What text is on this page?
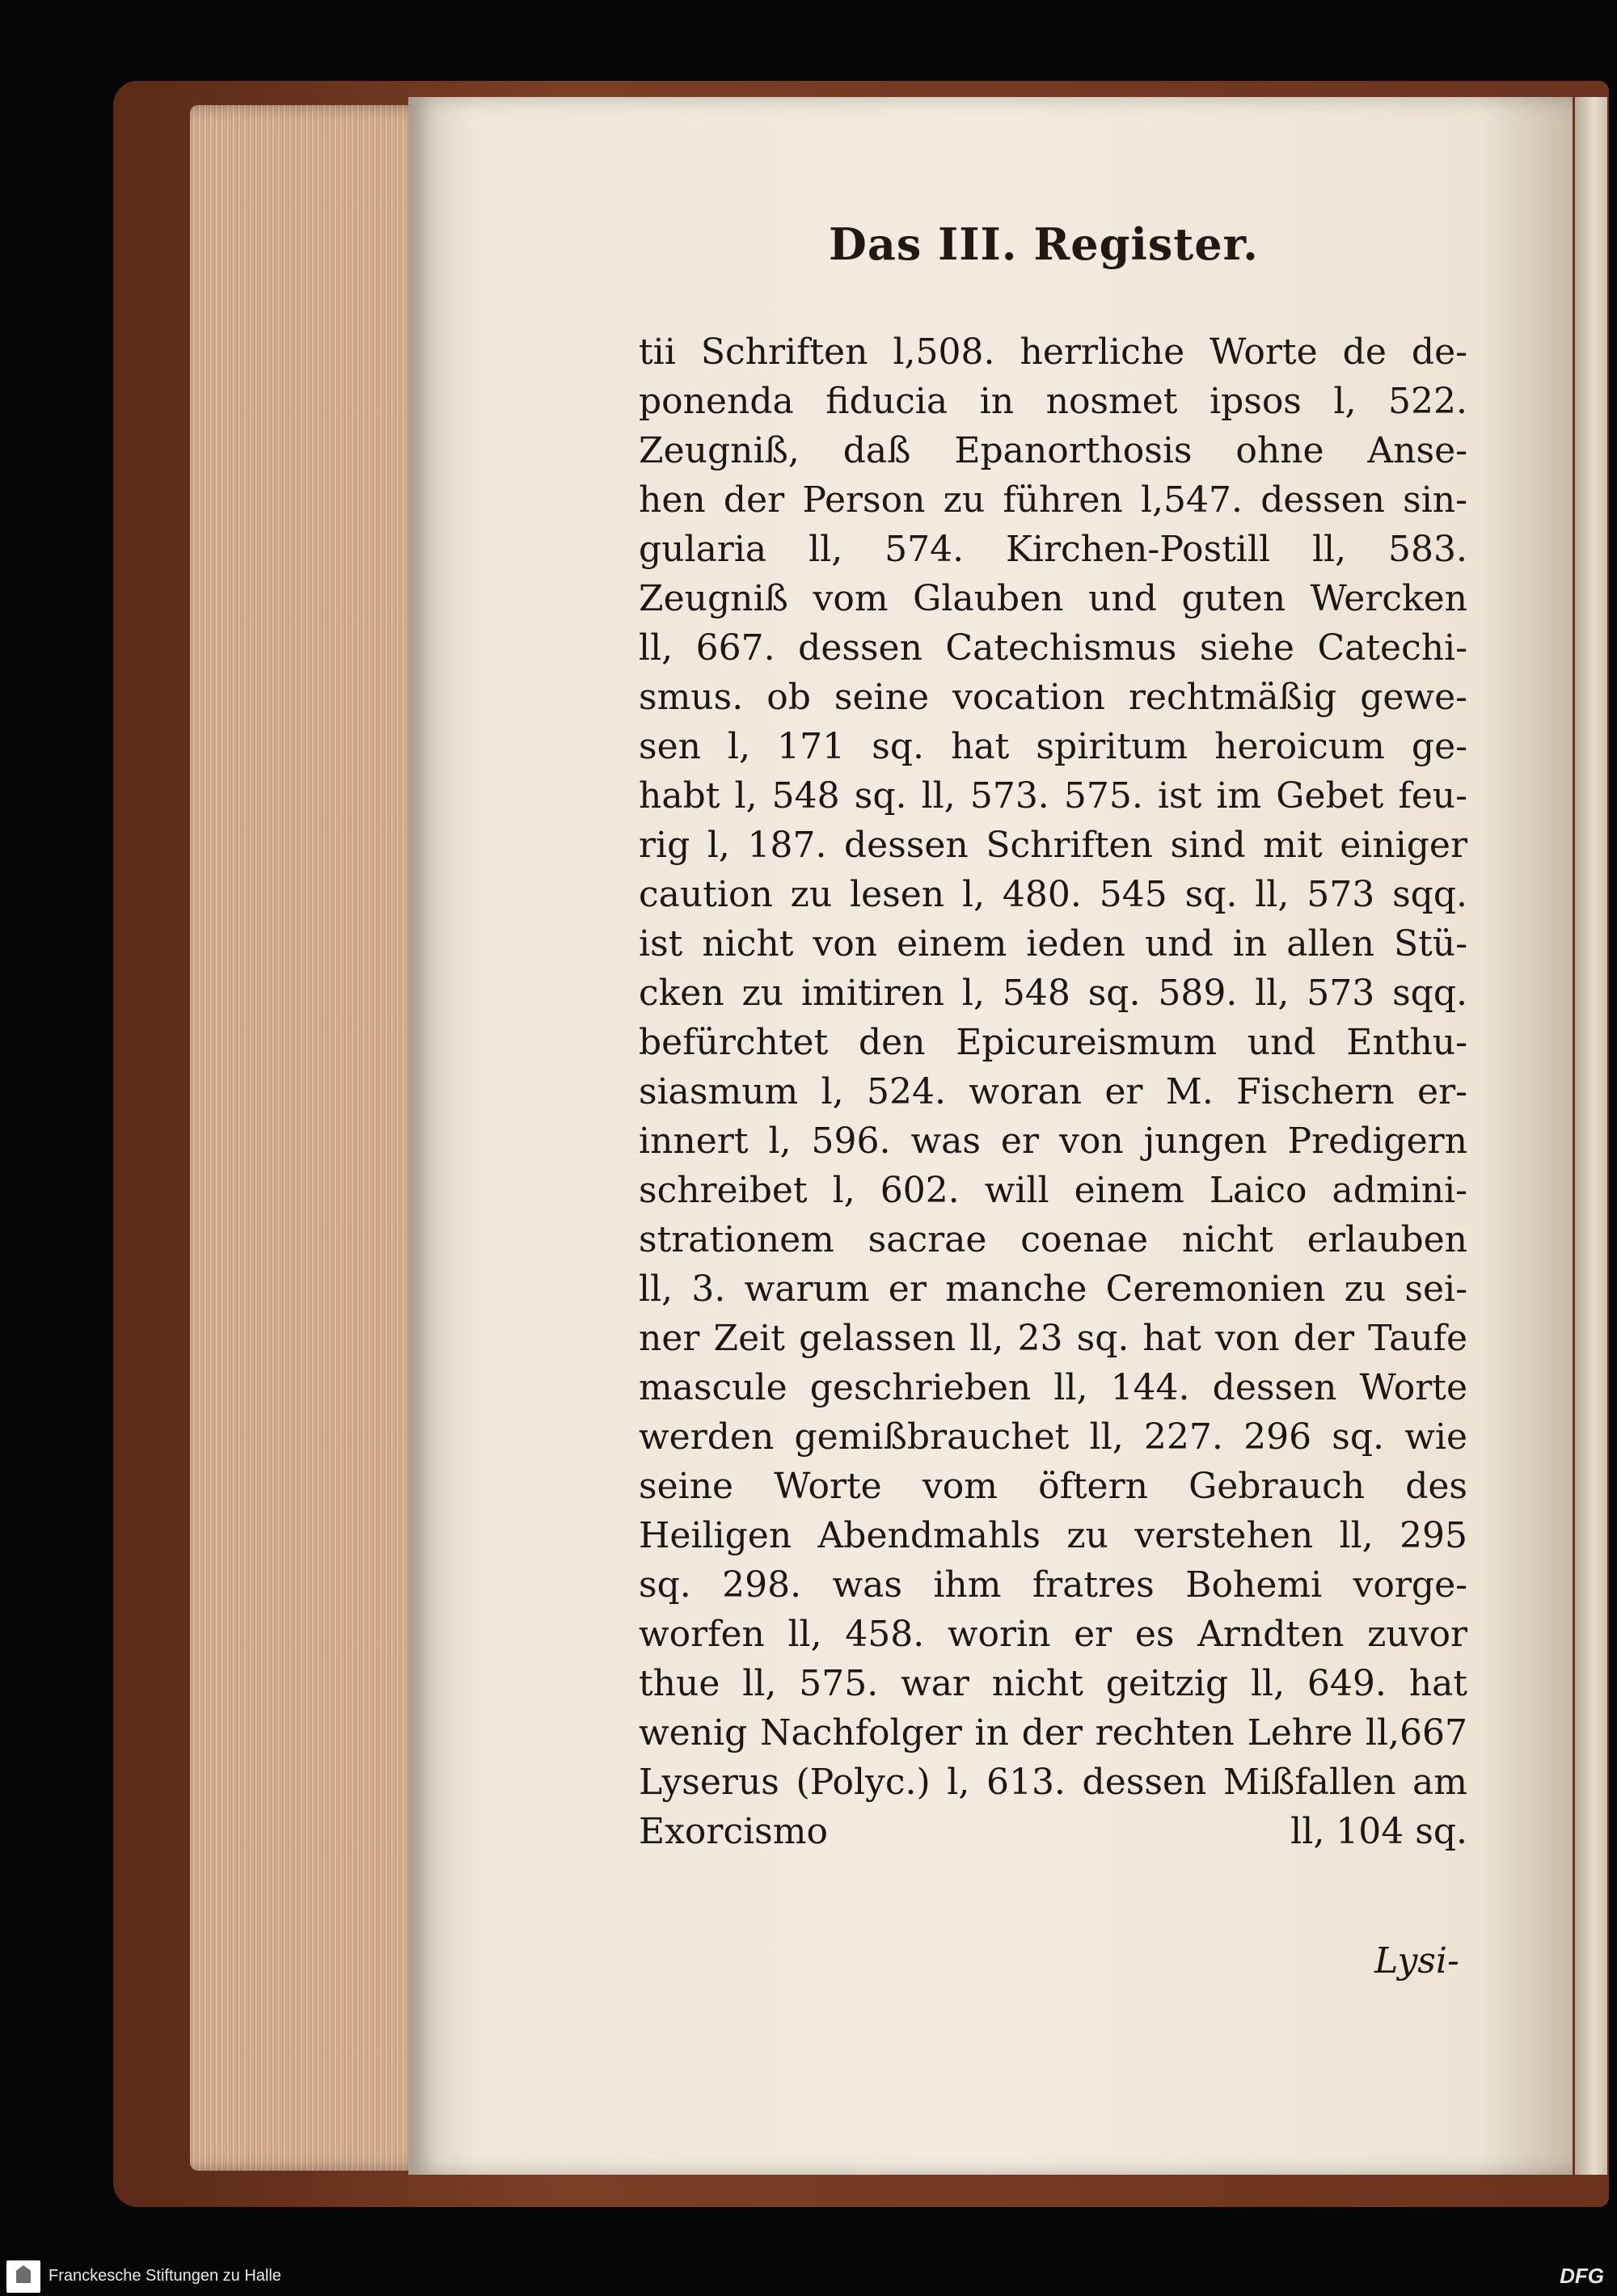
Das III. Register.
tii Schriften l,508. herrliche Worte de de-
ponenda fiducia in nosmet ipsos l, 522.
Zeugniß, daß Epanorthosis ohne Anse-
hen der Person zu führen l,547. dessen sin-
gularia ll, 574. Kirchen-Postill ll, 583.
Zeugniß vom Glauben und guten Wercken
ll, 667. dessen Catechismus siehe Catechi-
smus. ob seine vocation rechtmäßig gewe-
sen l, 171 sq. hat spiritum heroicum ge-
habt l, 548 sq. ll, 573. 575. ist im Gebet feu-
rig l, 187. dessen Schriften sind mit einiger
caution zu lesen l, 480. 545 sq. ll, 573 sqq.
ist nicht von einem ieden und in allen Stü-
cken zu imitiren l, 548 sq. 589. ll, 573 sqq.
befürchtet den Epicureismum und Enthu-
siasmum l, 524. woran er M. Fischern er-
innert l, 596. was er von jungen Predigern
schreibet l, 602. will einem Laico admini-
strationem sacrae coenae nicht erlauben
ll, 3. warum er manche Ceremonien zu sei-
ner Zeit gelassen ll, 23 sq. hat von der Taufe
mascule geschrieben ll, 144. dessen Worte
werden gemißbrauchet ll, 227. 296 sq. wie
seine Worte vom öftern Gebrauch des
Heiligen Abendmahls zu verstehen ll, 295
sq. 298. was ihm fratres Bohemi vorge-
worfen ll, 458. worin er es Arndten zuvor
thue ll, 575. war nicht geitzig ll, 649. hat
wenig Nachfolger in der rechten Lehre ll,667
Lyserus (Polyc.) l, 613. dessen Mißfallen am
Exorcismo	ll, 104 sq.
Lysi-
Franckesche Stiftungen zu Halle	DFG
